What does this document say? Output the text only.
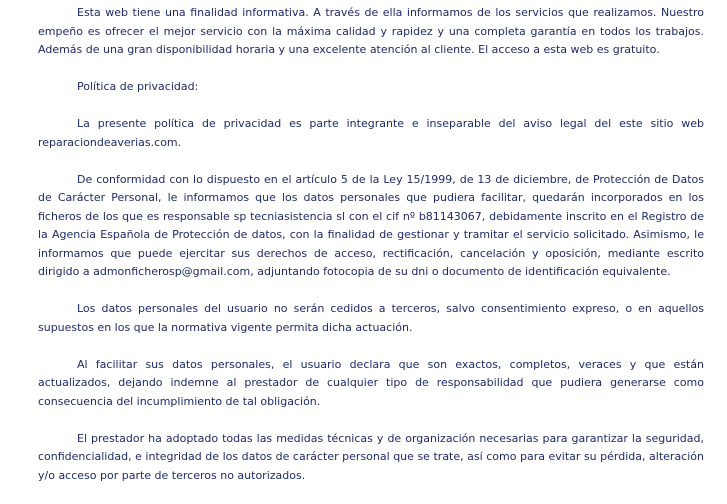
Esta web tiene una finalidad informativa. A través de ella informamos de los servicios que realizamos. Nuestro empeño es ofrecer el mejor servicio con la máxima calidad y rapidez y una completa garantía en todos los trabajos. Además de una gran disponibilidad horaria y una excelente atención al cliente. El acceso a esta web es gratuito.

Política de privacidad:

La presente política de privacidad es parte integrante e inseparable del aviso legal del este sitio web reparaciondeaverias.com.

De conformidad con lo dispuesto en el artículo 5 de la Ley 15/1999, de 13 de diciembre, de Protección de Datos de Carácter Personal, le informamos que los datos personales que pudiera facilitar, quedarán incorporados en los ficheros de los que es responsable sp tecniasistencia sl con el cif nº b81143067, debidamente inscrito en el Registro de la Agencia Española de Protección de datos, con la finalidad de gestionar y tramitar el servicio solicitado. Asimismo, le informamos que puede ejercitar sus derechos de acceso, rectificación, cancelación y oposición, mediante escrito dirigido a admonficherosp@gmail.com, adjuntando fotocopia de su dni o documento de identificación equivalente.

Los datos personales del usuario no serán cedidos a terceros, salvo consentimiento expreso, o en aquellos supuestos en los que la normativa vigente permita dicha actuación.

Al facilitar sus datos personales, el usuario declara que son exactos, completos, veraces y que están actualizados, dejando indemne al prestador de cualquier tipo de responsabilidad que pudiera generarse como consecuencia del incumplimiento de tal obligación.

El prestador ha adoptado todas las medidas técnicas y de organización necesarias para garantizar la seguridad, confidencialidad, e integridad de los datos de carácter personal que se trate, así como para evitar su pérdida, alteración y/o acceso por parte de terceros no autorizados.
